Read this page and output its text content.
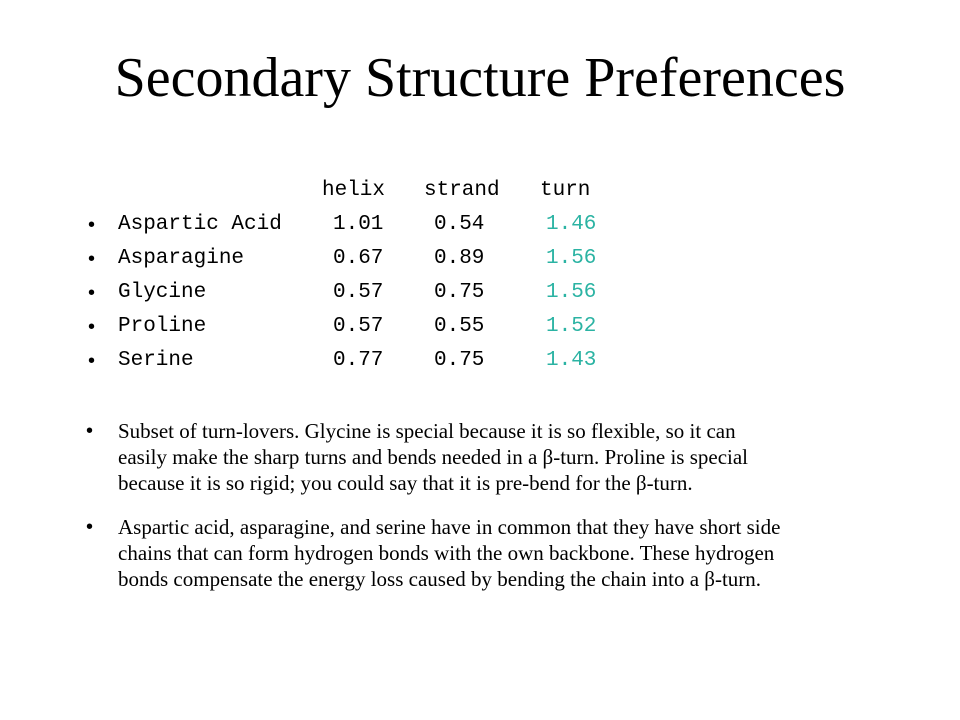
Secondary Structure Preferences
helix strand turn
• Aspartic Acid 1.01 0.54	1.46
• Asparagine	0.67 0.89	1.56
• Glycine	0.57 0.75	1.56
• Proline	0.57 0.55	1.52
• Serine	0.77 0.75	1.43
• Subset of turn-lovers. Glycine is special because it is so flexible, so it can
easily make the sharp turns and bends needed in a β-turn. Proline is special
because it is so rigid; you could say that it is pre-bend for the β-turn.
• Aspartic acid, asparagine, and serine have in common that they have short side
chains that can form hydrogen bonds with the own backbone. These hydrogen
bonds compensate the energy loss caused by bending the chain into a β-turn.
